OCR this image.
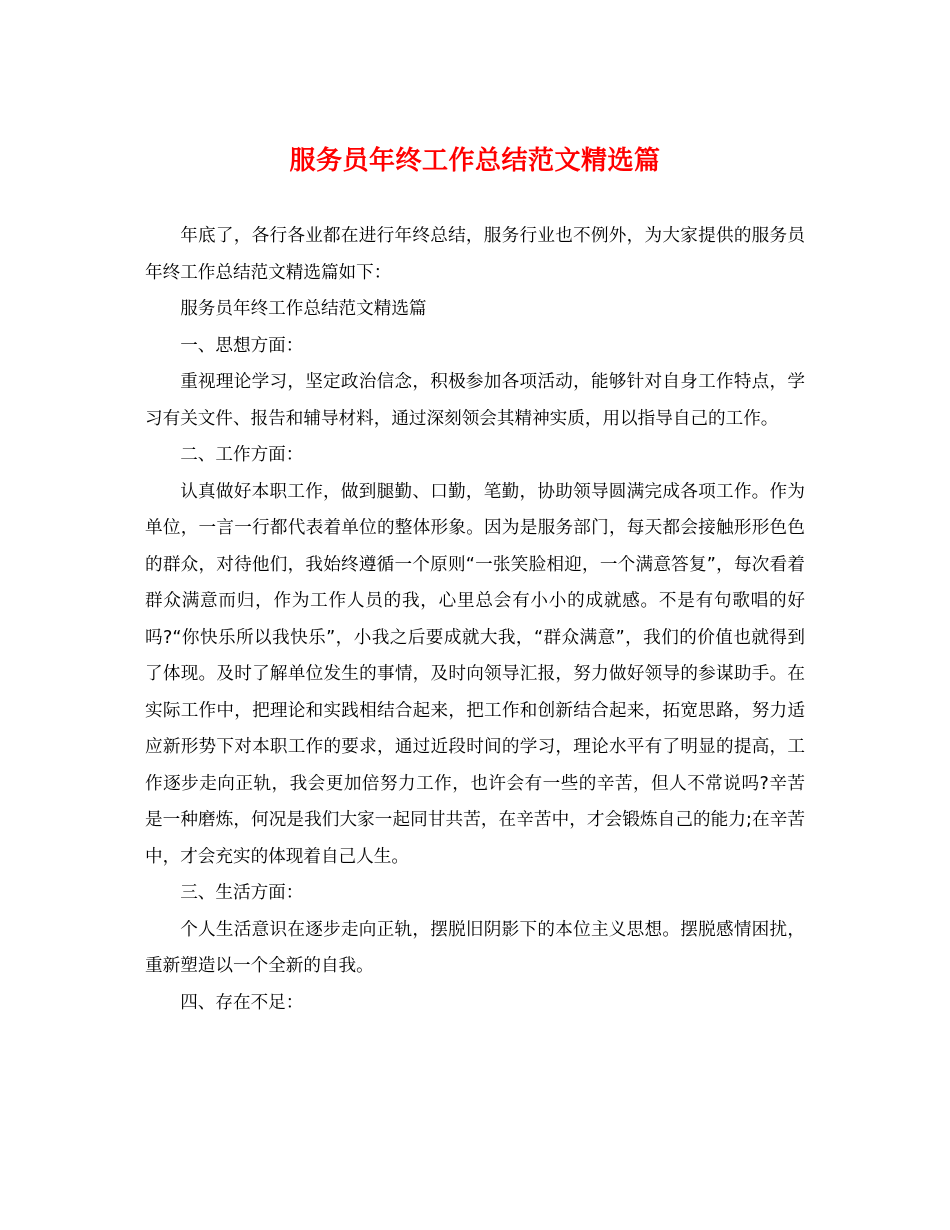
服务员年终工作总结范文精选篇

年底了，各行各业都在进行年终总结，服务行业也不例外，为大家提供的服务员年终工作总结范文精选篇如下：

服务员年终工作总结范文精选篇

一、思想方面：

重视理论学习，坚定政治信念，积极参加各项活动，能够针对自身工作特点，学习有关文件、报告和辅导材料，通过深刻领会其精神实质，用以指导自己的工作。

二、工作方面：

认真做好本职工作，做到腿勤、口勤，笔勤，协助领导圆满完成各项工作。作为单位，一言一行都代表着单位的整体形象。因为是服务部门，每天都会接触形形色色的群众，对待他们，我始终遵循一个原则“一张笑脸相迎，一个满意答复”，每次看着群众满意而归，作为工作人员的我，心里总会有小小的成就感。不是有句歌唱的好吗?“你快乐所以我快乐”，小我之后要成就大我，“群众满意”，我们的价值也就得到了体现。及时了解单位发生的事情，及时向领导汇报，努力做好领导的参谋助手。在实际工作中，把理论和实践相结合起来，把工作和创新结合起来，拓宽思路，努力适应新形势下对本职工作的要求，通过近段时间的学习，理论水平有了明显的提高，工作逐步走向正轨，我会更加倍努力工作，也许会有一些的辛苦，但人不常说吗?辛苦是一种磨炼，何况是我们大家一起同甘共苦，在辛苦中，才会锻炼自己的能力;在辛苦中，才会充实的体现着自己人生。

三、生活方面：

个人生活意识在逐步走向正轨，摆脱旧阴影下的本位主义思想。摆脱感情困扰，重新塑造以一个全新的自我。

四、存在不足：
